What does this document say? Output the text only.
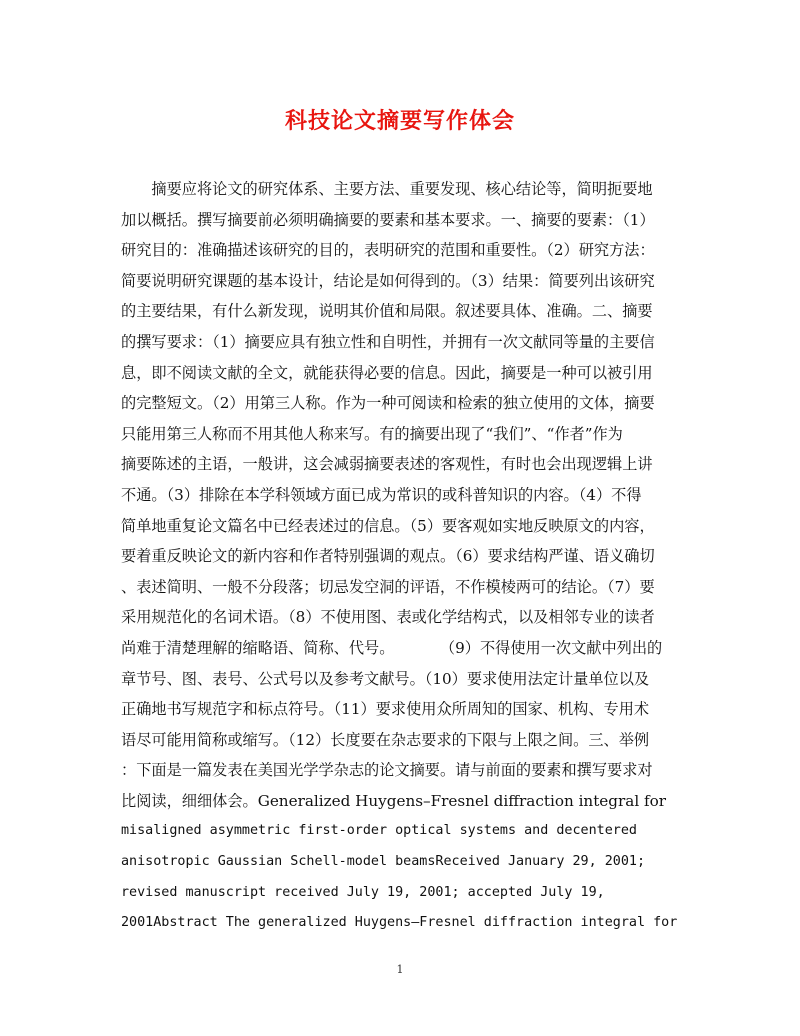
科技论文摘要写作体会
　　摘要应将论文的研究体系、主要方法、重要发现、核心结论等，简明扼要地
加以概括。撰写摘要前必须明确摘要的要素和基本要求。一、摘要的要素：（1）
研究目的：准确描述该研究的目的，表明研究的范围和重要性。（2）研究方法：
简要说明研究课题的基本设计，结论是如何得到的。（3）结果：简要列出该研究
的主要结果，有什么新发现，说明其价值和局限。叙述要具体、准确。二、摘要
的撰写要求：（1）摘要应具有独立性和自明性，并拥有一次文献同等量的主要信
息，即不阅读文献的全文，就能获得必要的信息。因此，摘要是一种可以被引用
的完整短文。（2）用第三人称。作为一种可阅读和检索的独立使用的文体，摘要
只能用第三人称而不用其他人称来写。有的摘要出现了“我们”、“作者”作为
摘要陈述的主语，一般讲，这会减弱摘要表述的客观性，有时也会出现逻辑上讲
不通。（3）排除在本学科领域方面已成为常识的或科普知识的内容。（4）不得
简单地重复论文篇名中已经表述过的信息。（5）要客观如实地反映原文的内容，
要着重反映论文的新内容和作者特别强调的观点。（6）要求结构严谨、语义确切
、表述简明、一般不分段落；切忌发空洞的评语，不作模棱两可的结论。（7）要
采用规范化的名词术语。（8）不使用图、表或化学结构式，以及相邻专业的读者
尚难于清楚理解的缩略语、简称、代号。　　　　（9）不得使用一次文献中列出的
章节号、图、表号、公式号以及参考文献号。（10）要求使用法定计量单位以及
正确地书写规范字和标点符号。（11）要求使用众所周知的国家、机构、专用术
语尽可能用简称或缩写。（12）长度要在杂志要求的下限与上限之间。三、举例
：下面是一篇发表在美国光学学杂志的论文摘要。请与前面的要素和撰写要求对
比阅读，细细体会。Generalized Huygens–Fresnel diffraction integral for
misaligned asymmetric first-order optical systems and decentered
anisotropic Gaussian Schell-model beamsReceived January 29, 2001;
revised manuscript received July 19, 2001; accepted July 19,
2001Abstract The generalized Huygens–Fresnel diffraction integral for
1
